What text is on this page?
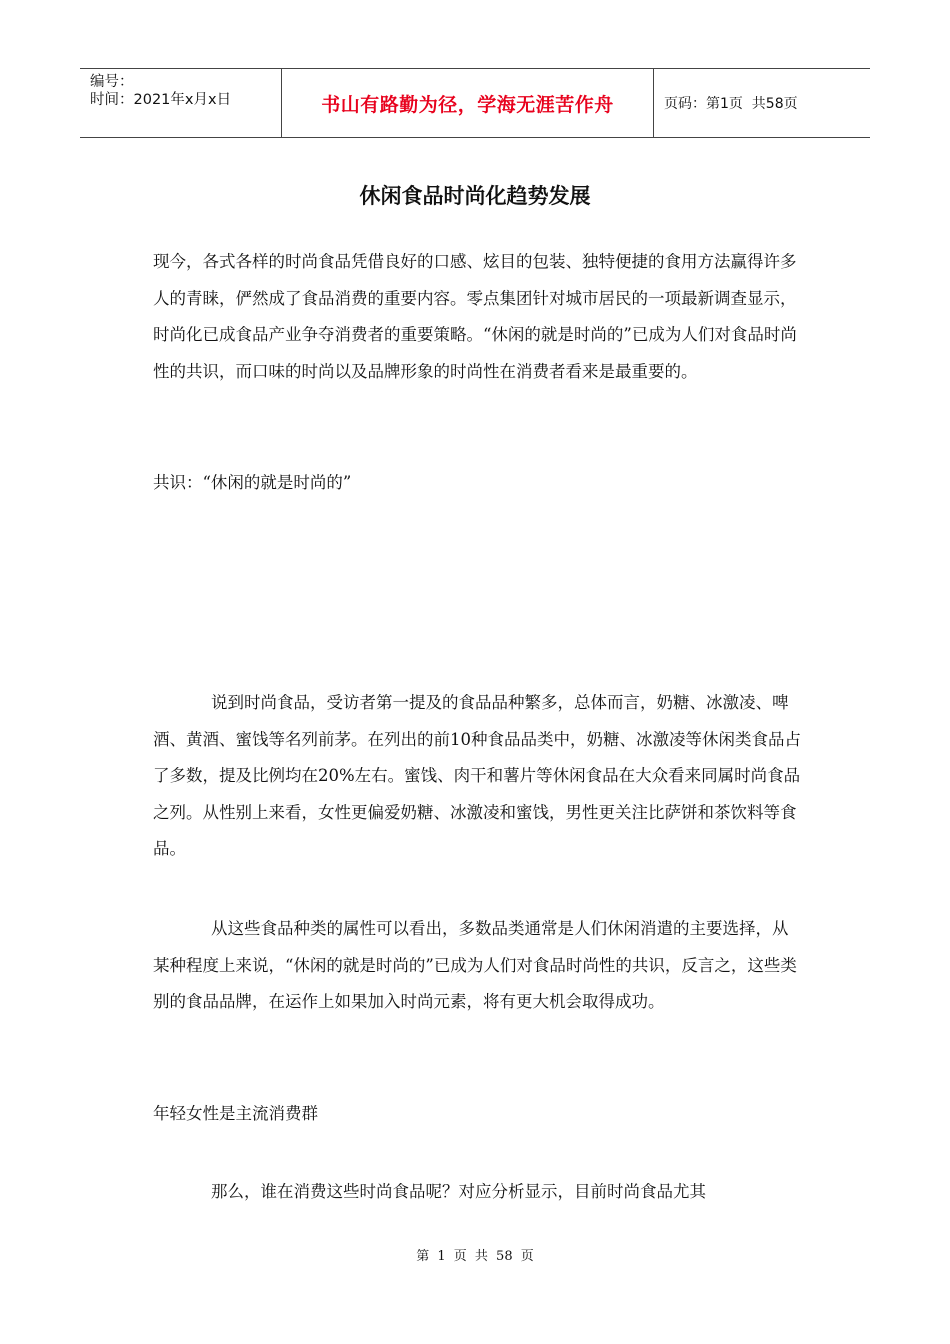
编号：
时间：2021年x月x日	书山有路勤为径，学海无涯苦作舟	页码：第1页  共58页
休闲食品时尚化趋势发展

现今，各式各样的时尚食品凭借良好的口感、炫目的包装、独特便捷的食用方法赢得许多人的青睐，俨然成了食品消费的重要内容。零点集团针对城市居民的一项最新调查显示，时尚化已成食品产业争夺消费者的重要策略。“休闲的就是时尚的”已成为人们对食品时尚性的共识，而口味的时尚以及品牌形象的时尚性在消费者看来是最重要的。

共识：“休闲的就是时尚的”

说到时尚食品，受访者第一提及的食品品种繁多，总体而言，奶糖、冰激凌、啤酒、黄酒、蜜饯等名列前茅。在列出的前10种食品品类中，奶糖、冰激凌等休闲类食品占了多数，提及比例均在20%左右。蜜饯、肉干和薯片等休闲食品在大众看来同属时尚食品之列。从性别上来看，女性更偏爱奶糖、冰激凌和蜜饯，男性更关注比萨饼和茶饮料等食品。

从这些食品种类的属性可以看出，多数品类通常是人们休闲消遣的主要选择，从某种程度上来说，“休闲的就是时尚的”已成为人们对食品时尚性的共识，反言之，这些类别的食品品牌，在运作上如果加入时尚元素，将有更大机会取得成功。

年轻女性是主流消费群

那么，谁在消费这些时尚食品呢？对应分析显示，目前时尚食品尤其

第 1 页 共 58 页
